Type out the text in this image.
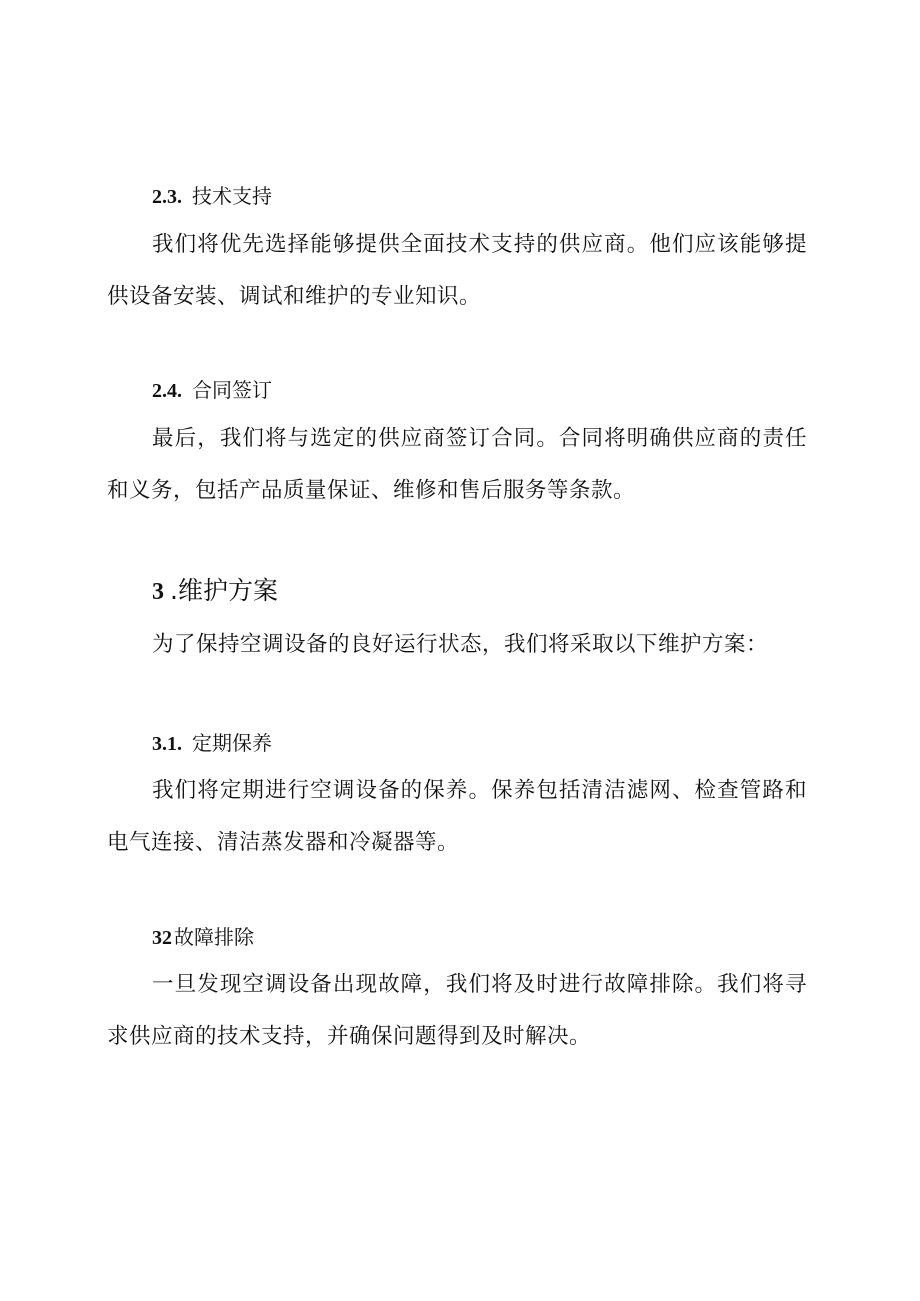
2.3. 技术支持

我们将优先选择能够提供全面技术支持的供应商。他们应该能够提供设备安装、调试和维护的专业知识。

2.4. 合同签订

最后，我们将与选定的供应商签订合同。合同将明确供应商的责任和义务，包括产品质量保证、维修和售后服务等条款。

3 .维护方案

为了保持空调设备的良好运行状态，我们将采取以下维护方案：

3.1. 定期保养

我们将定期进行空调设备的保养。保养包括清洁滤网、检查管路和电气连接、清洁蒸发器和冷凝器等。

32 故障排除

一旦发现空调设备出现故障，我们将及时进行故障排除。我们将寻求供应商的技术支持，并确保问题得到及时解决。
